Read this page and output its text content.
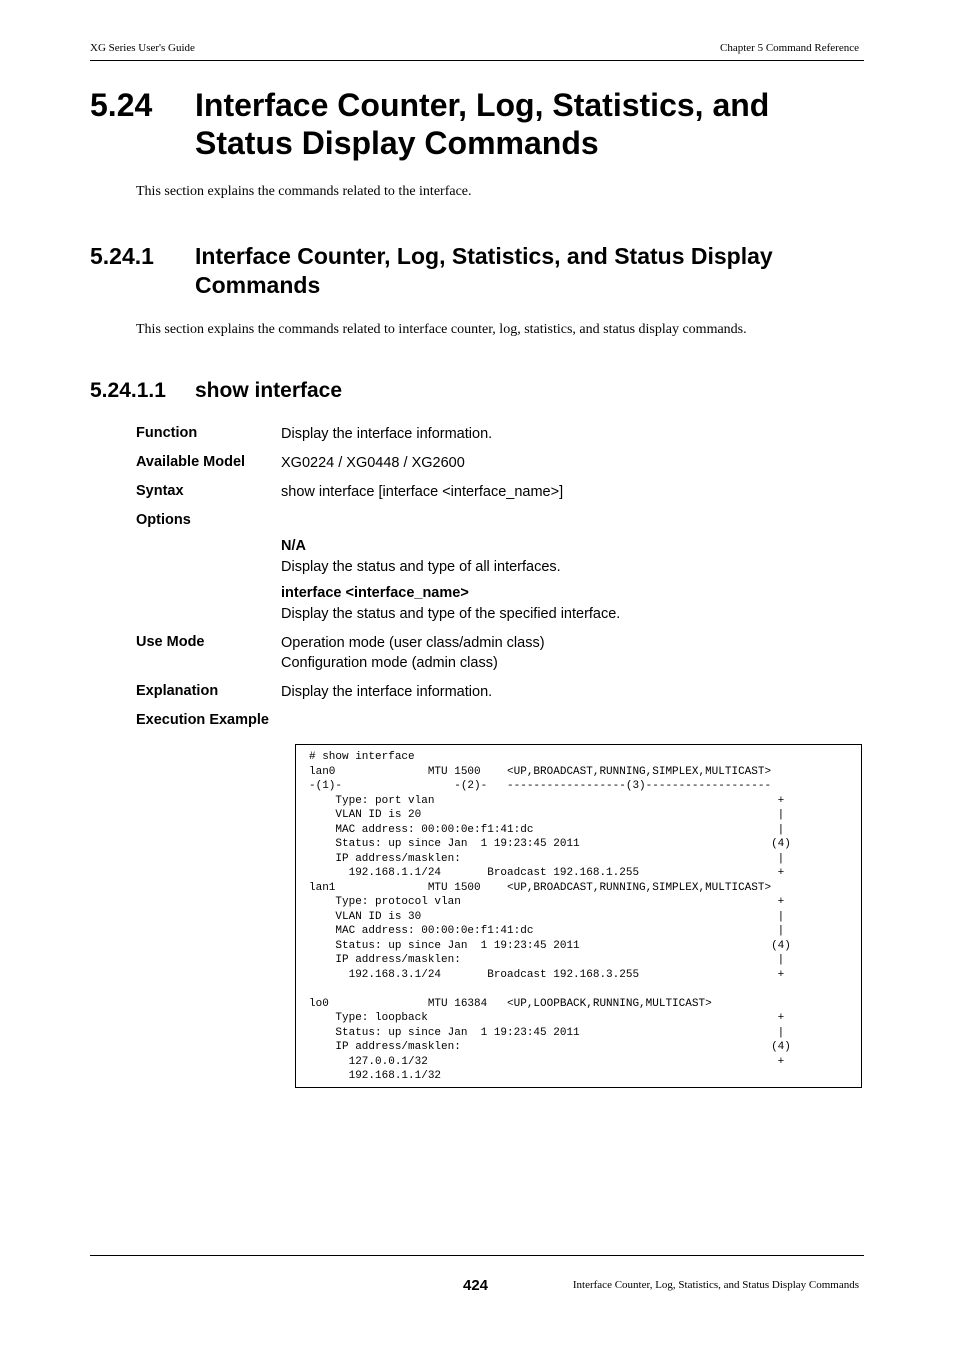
XG Series User's Guide	Chapter 5 Command Reference
5.24 Interface Counter, Log, Statistics, and Status Display Commands
This section explains the commands related to the interface.
5.24.1 Interface Counter, Log, Statistics, and Status Display Commands
This section explains the commands related to interface counter, log, statistics, and status display commands.
5.24.1.1 show interface
Function	Display the interface information.
Available Model XG0224 / XG0448 / XG2600
Syntax	show interface [interface <interface_name>]
Options
N/A
Display the status and type of all interfaces.
interface <interface_name>
Display the status and type of the specified interface.
Use Mode	Operation mode (user class/admin class)
Configuration mode (admin class)
Explanation	Display the interface information.
Execution Example
# show interface
lan0              MTU 1500    <UP,BROADCAST,RUNNING,SIMPLEX,MULTICAST>
-(1)-                 -(2)-   ------------------(3)-------------------
Type: port vlan                                                    +
VLAN ID is 20                                                      |
MAC address: 00:00:0e:f1:41:dc                                     |
Status: up since Jan  1 19:23:45 2011                             (4)
IP address/masklen:                                                |
192.168.1.1/24       Broadcast 192.168.1.255                     +
lan1              MTU 1500    <UP,BROADCAST,RUNNING,SIMPLEX,MULTICAST>
Type: protocol vlan                                                +
VLAN ID is 30                                                      |
MAC address: 00:00:0e:f1:41:dc                                     |
Status: up since Jan  1 19:23:45 2011                             (4)
IP address/masklen:                                                |
192.168.3.1/24       Broadcast 192.168.3.255                     +

lo0               MTU 16384   <UP,LOOPBACK,RUNNING,MULTICAST>
Type: loopback                                                     +
Status: up since Jan  1 19:23:45 2011                              |
IP address/masklen:                                               (4)
127.0.0.1/32                                                     +
192.168.1.1/32
424	Interface Counter, Log, Statistics, and Status Display Commands
